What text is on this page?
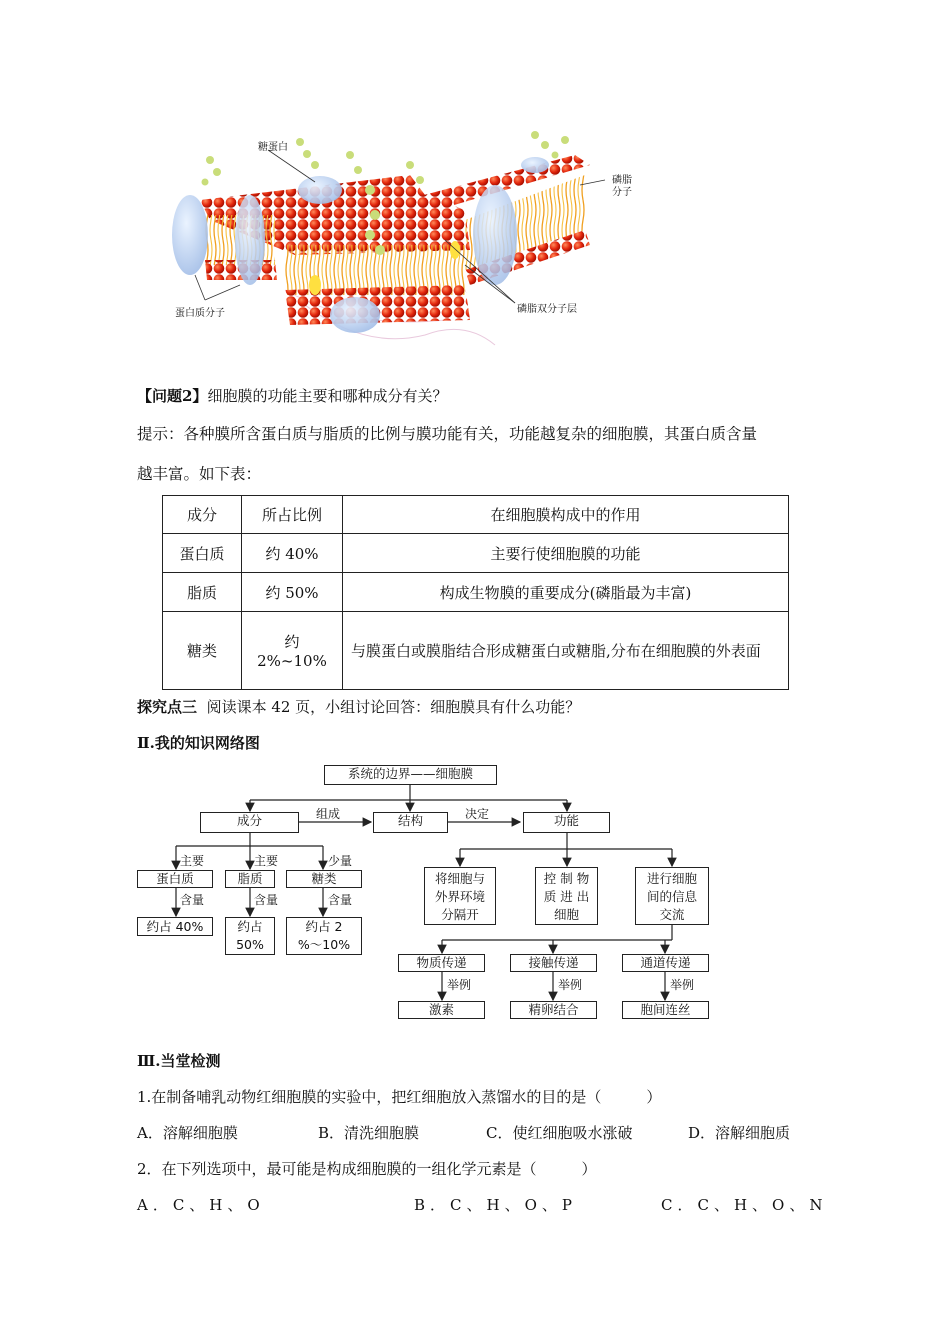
糖蛋白
磷脂
分子
蛋白质分子	磷脂双分子层
【问题2】细胞膜的功能主要和哪种成分有关？
提示：各种膜所含蛋白质与脂质的比例与膜功能有关，功能越复杂的细胞膜，其蛋白质含量
越丰富。如下表：
成分	所占比例	在细胞膜构成中的作用
蛋白质	约 40%	主要行使细胞膜的功能
脂质	约 50%	构成生物膜的重要成分(磷脂最为丰富)
糖类	约 2%~10%	与膜蛋白或膜脂结合形成糖蛋白或糖脂,分布在细胞膜的外表面
探究点三 阅读课本 42 页，小组讨论回答：细胞膜具有什么功能？
Ⅱ.我的知识网络图
系统的边界——细胞膜
成分	结构	功能
组成	决定
主要	主要	少量
蛋白质	脂质	糖类
含量	含量	含量
约占 40%	约占
50%
约占 2
%～10%
将细胞与
外界环境
分隔开
控 制 物
质 进 出
细胞
进行细胞
间的信息
交流
物质传递	接触传递	通道传递
举例	举例	举例
激素	精卵结合	胞间连丝
Ⅲ.当堂检测
1.在制备哺乳动物红细胞膜的实验中，把红细胞放入蒸馏水的目的是（　　　）
A．溶解细胞膜	B．清洗细胞膜	C．使红细胞吸水涨破	D．溶解细胞质
2．在下列选项中，最可能是构成细胞膜的一组化学元素是（　　　）
A．C、H、O	B．C、H、O、P	C．C、H、O、N
